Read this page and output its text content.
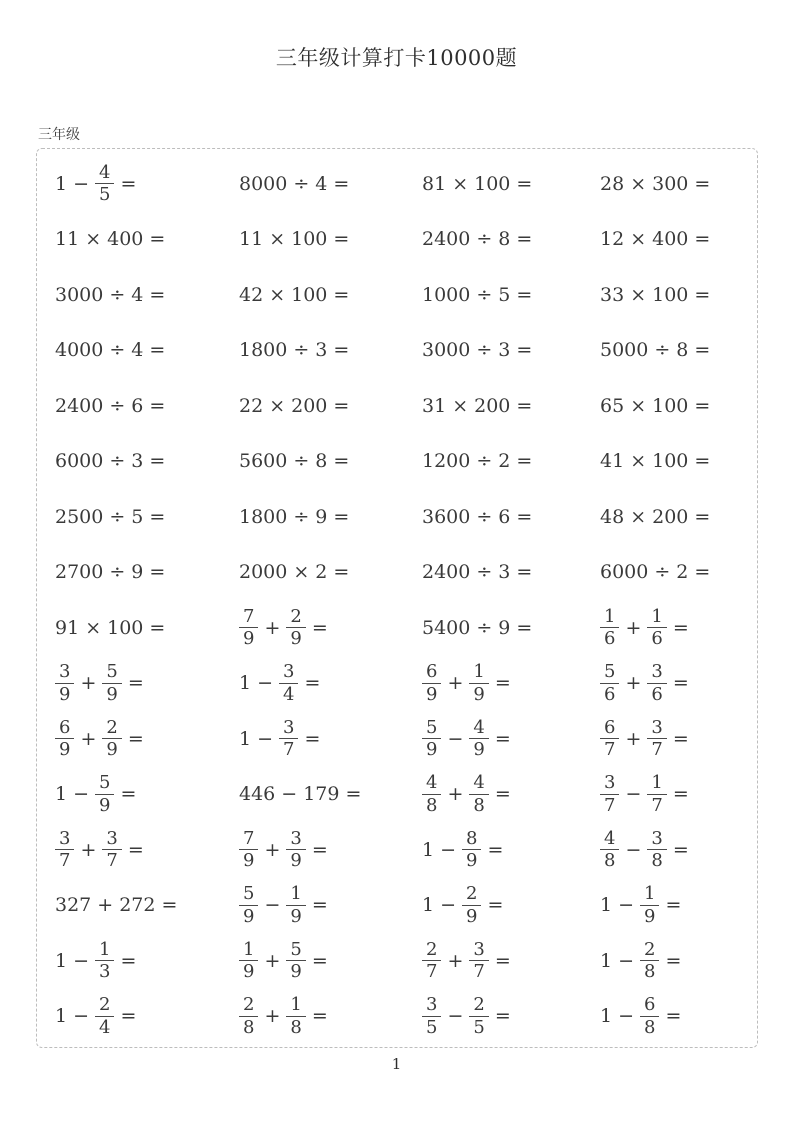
三年级计算打卡10000题
三年级
$1 - \frac{4}{5}$ =	8000 ÷ 4 =	81 × 100 =	28 × 300 =
11 × 400 =	11 × 100 =	2400 ÷ 8 =	12 × 400 =
3000 ÷ 4 =	42 × 100 =	1000 ÷ 5 =	33 × 100 =
4000 ÷ 4 =	1800 ÷ 3 =	3000 ÷ 3 =	5000 ÷ 8 =
2400 ÷ 6 =	22 × 200 =	31 × 200 =	65 × 100 =
6000 ÷ 3 =	5600 ÷ 8 =	1200 ÷ 2 =	41 × 100 =
2500 ÷ 5 =	1800 ÷ 9 =	3600 ÷ 6 =	48 × 200 =
2700 ÷ 9 =	2000 × 2 =	2400 ÷ 3 =	6000 ÷ 2 =
91 × 100 =	$\frac{7}{9} + \frac{2}{9}$ =	5400 ÷ 9 =	$\frac{1}{6} + \frac{1}{6}$ =
$\frac{3}{9} + \frac{5}{9}$ =	$1 - \frac{3}{4}$ =	$\frac{6}{9} + \frac{1}{9}$ =	$\frac{5}{6} + \frac{3}{6}$ =
$\frac{6}{9} + \frac{2}{9}$ =	$1 - \frac{3}{7}$ =	$\frac{5}{9} - \frac{4}{9}$ =	$\frac{6}{7} + \frac{3}{7}$ =
$1 - \frac{5}{9}$ =	446 − 179 =	$\frac{4}{8} + \frac{4}{8}$ =	$\frac{3}{7} - \frac{1}{7}$ =
$\frac{3}{7} + \frac{3}{7}$ =	$\frac{7}{9} + \frac{3}{9}$ =	$1 - \frac{8}{9}$ =	$\frac{4}{8} - \frac{3}{8}$ =
327 + 272 =	$\frac{5}{9} - \frac{1}{9}$ =	$1 - \frac{2}{9}$ =	$1 - \frac{1}{9}$ =
$1 - \frac{1}{3}$ =	$\frac{1}{9} + \frac{5}{9}$ =	$\frac{2}{7} + \frac{3}{7}$ =	$1 - \frac{2}{8}$ =
$1 - \frac{2}{4}$ =	$\frac{2}{8} + \frac{1}{8}$ =	$\frac{3}{5} - \frac{2}{5}$ =	$1 - \frac{6}{8}$ =
1
